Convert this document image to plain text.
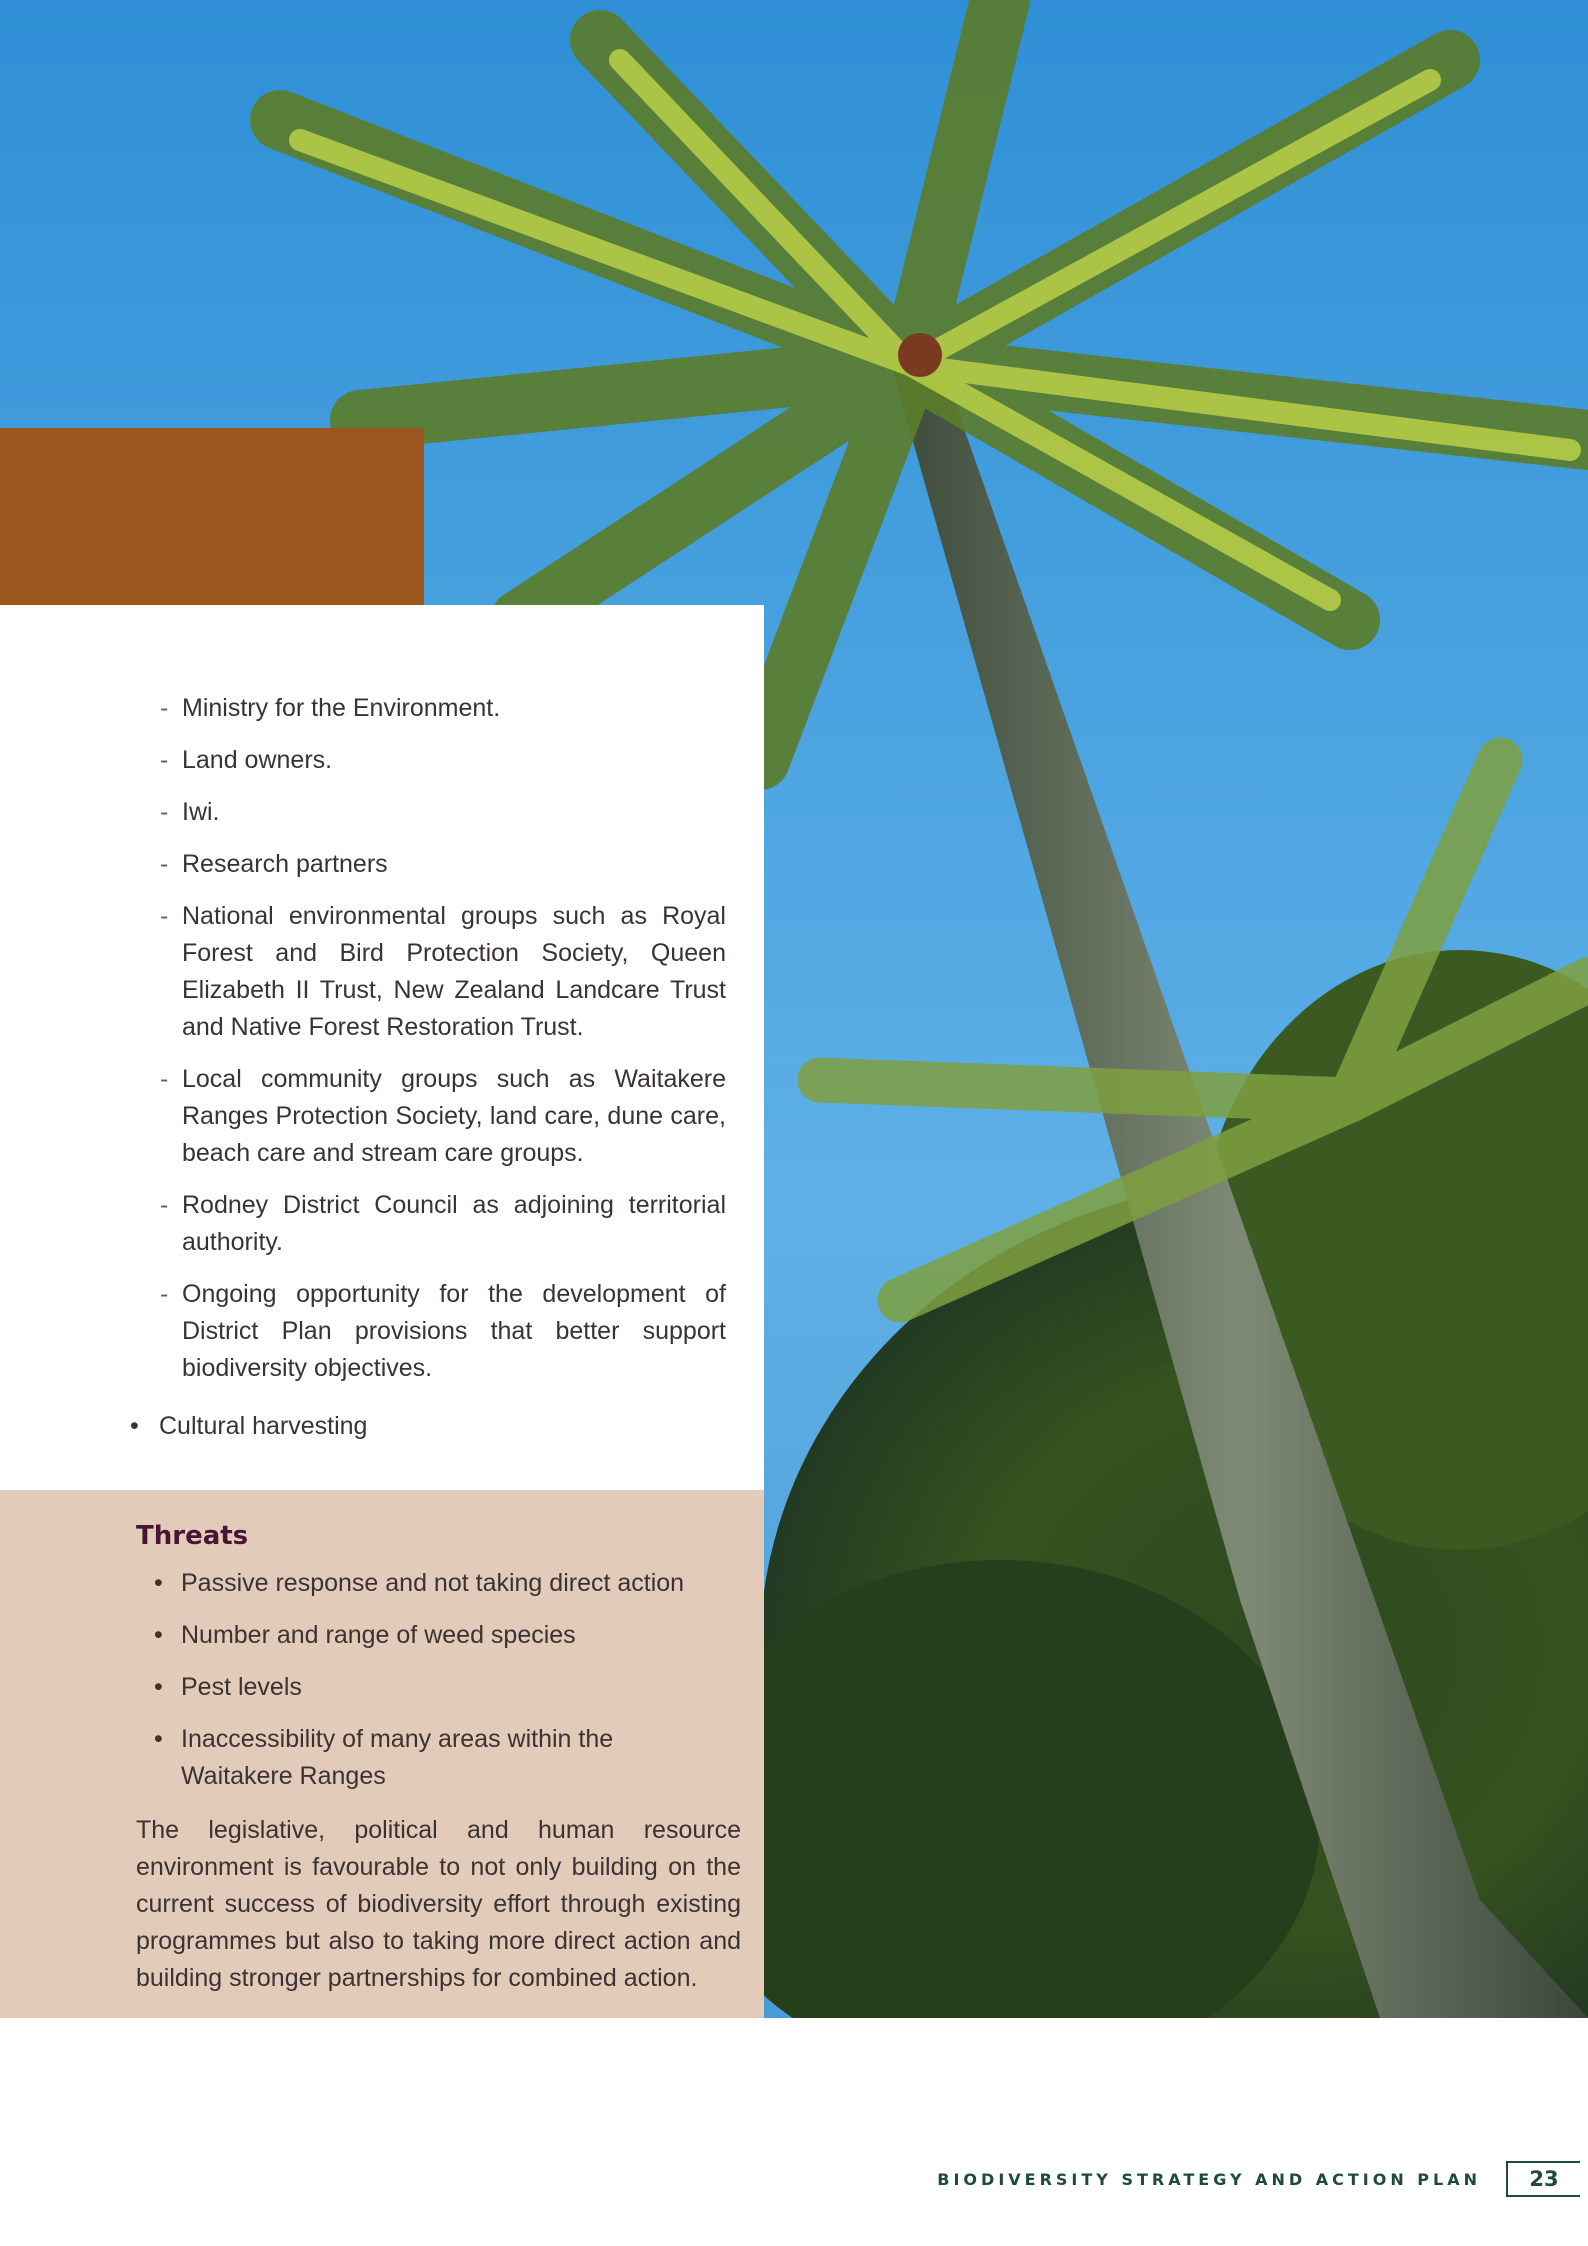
- Ministry for the Environment.
- Land owners.
- Iwi.
- Research partners
- National environmental groups such as Royal Forest and Bird Protection Society, Queen Elizabeth II Trust, New Zealand Landcare Trust and Native Forest Restoration Trust.
- Local community groups such as Waitakere Ranges Protection Society, land care, dune care, beach care and stream care groups.
- Rodney District Council as adjoining territorial authority.
- Ongoing opportunity for the development of District Plan provisions that better support biodiversity objectives.
• Cultural harvesting
Threats
• Passive response and not taking direct action
• Number and range of weed species
• Pest levels
• Inaccessibility of many areas within the Waitakere Ranges

The legislative, political and human resource environment is favourable to not only building on the current success of biodiversity effort through existing programmes but also to taking more direct action and building stronger partnerships for combined action.

BIODIVERSITY STRATEGY AND ACTION PLAN	23
